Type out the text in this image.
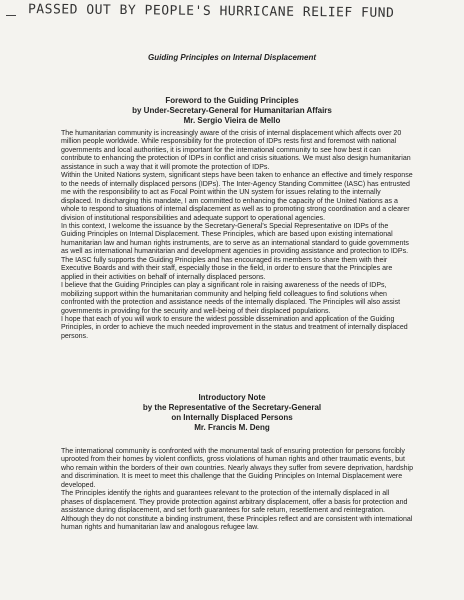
PASSED OUT BY PEOPLE'S HURRICANE RELIEF FUND
Guiding Principles on Internal Displacement
Foreword to the Guiding Principles
by Under-Secretary-General for Humanitarian Affairs
Mr. Sergio Vieira de Mello

The humanitarian community is increasingly aware of the crisis of internal displacement which affects over 20 million people worldwide. While responsibility for the protection of IDPs rests first and foremost with national governments and local authorities, it is important for the international community to see how best it can contribute to enhancing the protection of IDPs in conflict and crisis situations. We must also design humanitarian assistance in such a way that it will promote the protection of IDPs.

Within the United Nations system, significant steps have been taken to enhance an effective and timely response to the needs of internally displaced persons (IDPs). The Inter-Agency Standing Committee (IASC) has entrusted me with the responsibility to act as Focal Point within the UN system for issues relating to the internally displaced. In discharging this mandate, I am committed to enhancing the capacity of the United Nations as a whole to respond to situations of internal displacement as well as to promoting strong coordination and a clearer division of institutional responsibilities and adequate support to operational agencies.

In this context, I welcome the issuance by the Secretary-General's Special Representative on IDPs of the Guiding Principles on Internal Displacement. These Principles, which are based upon existing international humanitarian law and human rights instruments, are to serve as an international standard to guide governments as well as international humanitarian and development agencies in providing assistance and protection to IDPs.

The IASC fully supports the Guiding Principles and has encouraged its members to share them with their Executive Boards and with their staff, especially those in the field, in order to ensure that the Principles are applied in their activities on behalf of internally displaced persons.

I believe that the Guiding Principles can play a significant role in raising awareness of the needs of IDPs, mobilizing support within the humanitarian community and helping field colleagues to find solutions when confronted with the protection and assistance needs of the internally displaced. The Principles will also assist governments in providing for the security and well-being of their displaced populations.

I hope that each of you will work to ensure the widest possible dissemination and application of the Guiding Principles, in order to achieve the much needed improvement in the status and treatment of internally displaced persons.

Introductory Note
by the Representative of the Secretary-General
on Internally Displaced Persons
Mr. Francis M. Deng

The international community is confronted with the monumental task of ensuring protection for persons forcibly uprooted from their homes by violent conflicts, gross violations of human rights and other traumatic events, but who remain within the borders of their own countries. Nearly always they suffer from severe deprivation, hardship and discrimination. It is meet to meet this challenge that the Guiding Principles on Internal Displacement were developed.

The Principles identify the rights and guarantees relevant to the protection of the internally displaced in all phases of displacement. They provide protection against arbitrary displacement, offer a basis for protection and assistance during displacement, and set forth guarantees for safe return, resettlement and reintegration. Although they do not constitute a binding instrument, these Principles reflect and are consistent with international human rights and humanitarian law and analogous refugee law.
